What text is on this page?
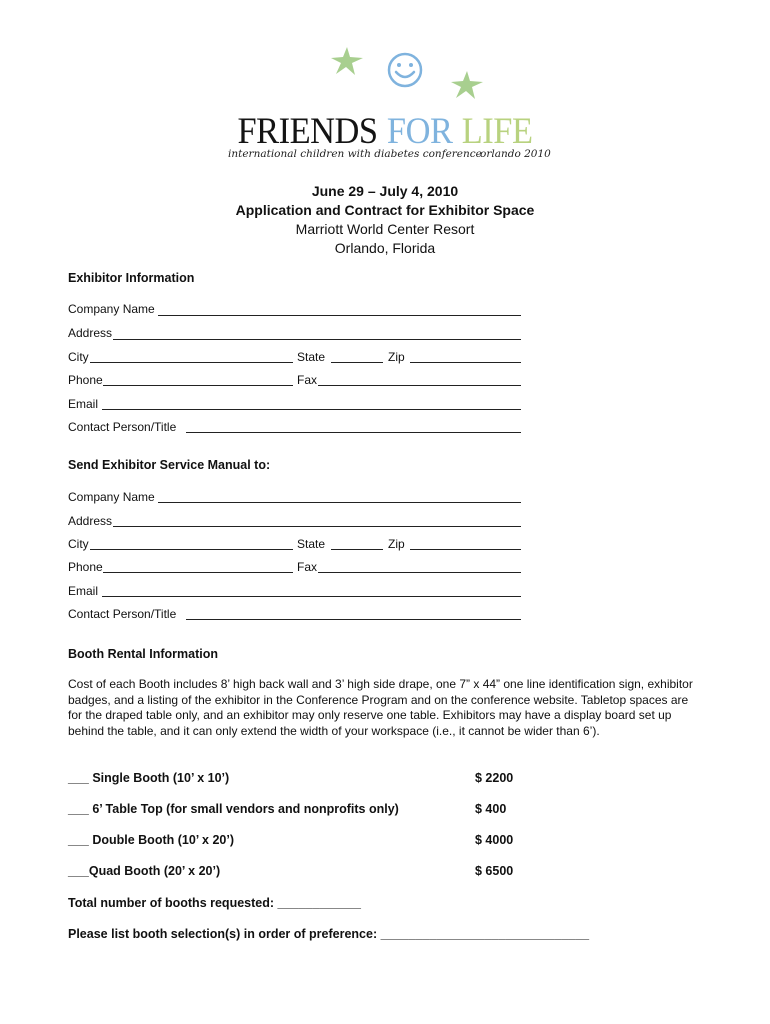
FRIENDS FOR LIFE
international children with diabetes conference
orlando 2010
June 29 – July 4, 2010
Application and Contract for Exhibitor Space
Marriott World Center Resort
Orlando, Florida
Exhibitor Information
Company Name
Address
City	State	Zip
Phone	Fax
Email
Contact Person/Title
Send Exhibitor Service Manual to:
Company Name
Address
City	State	Zip
Phone	Fax
Email
Contact Person/Title
Booth Rental Information
Cost of each Booth includes 8’ high back wall and 3’ high side drape, one 7” x 44” one line identification sign, exhibitor badges, and a listing of the exhibitor in the Conference Program and on the conference website. Tabletop spaces are for the draped table only, and an exhibitor may only reserve one table. Exhibitors may have a display board set up behind the table, and it can only extend the width of your workspace (i.e., it cannot be wider than 6’).
___ Single Booth (10’ x 10’)	$ 2200
___ 6’ Table Top (for small vendors and nonprofits only)	$ 400
___ Double Booth (10’ x 20’)	$ 4000
___Quad Booth (20’ x 20’)	$ 6500
Total number of booths requested: ____________
Please list booth selection(s) in order of preference: ______________________________
